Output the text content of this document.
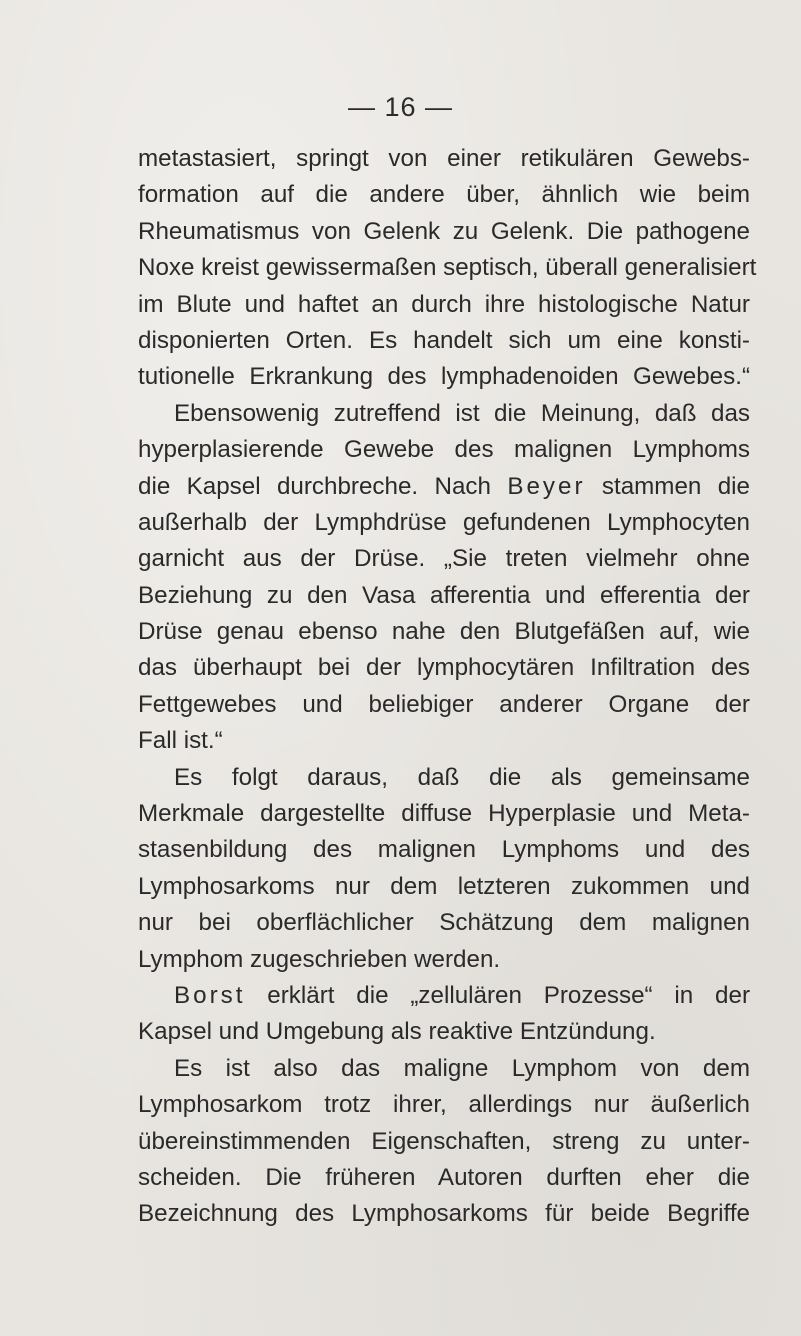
— 16 —
metastasiert, springt von einer retikulären Gewebs-
formation auf die andere über, ähnlich wie beim
Rheumatismus von Gelenk zu Gelenk. Die pathogene
Noxe kreist gewissermaßen septisch, überall generalisiert
im Blute und haftet an durch ihre histologische Natur
disponierten Orten. Es handelt sich um eine konsti-
tutionelle Erkrankung des lymphadenoiden Gewebes.“
Ebensowenig zutreffend ist die Meinung, daß das
hyperplasierende Gewebe des malignen Lymphoms
die Kapsel durchbreche. Nach Beyer stammen die
außerhalb der Lymphdrüse gefundenen Lymphocyten
garnicht aus der Drüse. „Sie treten vielmehr ohne
Beziehung zu den Vasa afferentia und efferentia der
Drüse genau ebenso nahe den Blutgefäßen auf, wie
das überhaupt bei der lymphocytären Infiltration des
Fettgewebes und beliebiger anderer Organe der
Fall ist.“
Es folgt daraus, daß die als gemeinsame
Merkmale dargestellte diffuse Hyperplasie und Meta-
stasenbildung des malignen Lymphoms und des
Lymphosarkoms nur dem letzteren zukommen und
nur bei oberflächlicher Schätzung dem malignen
Lymphom zugeschrieben werden.
Borst erklärt die „zellulären Prozesse“ in der
Kapsel und Umgebung als reaktive Entzündung.
Es ist also das maligne Lymphom von dem
Lymphosarkom trotz ihrer, allerdings nur äußerlich
übereinstimmenden Eigenschaften, streng zu unter-
scheiden. Die früheren Autoren durften eher die
Bezeichnung des Lymphosarkoms für beide Begriffe
